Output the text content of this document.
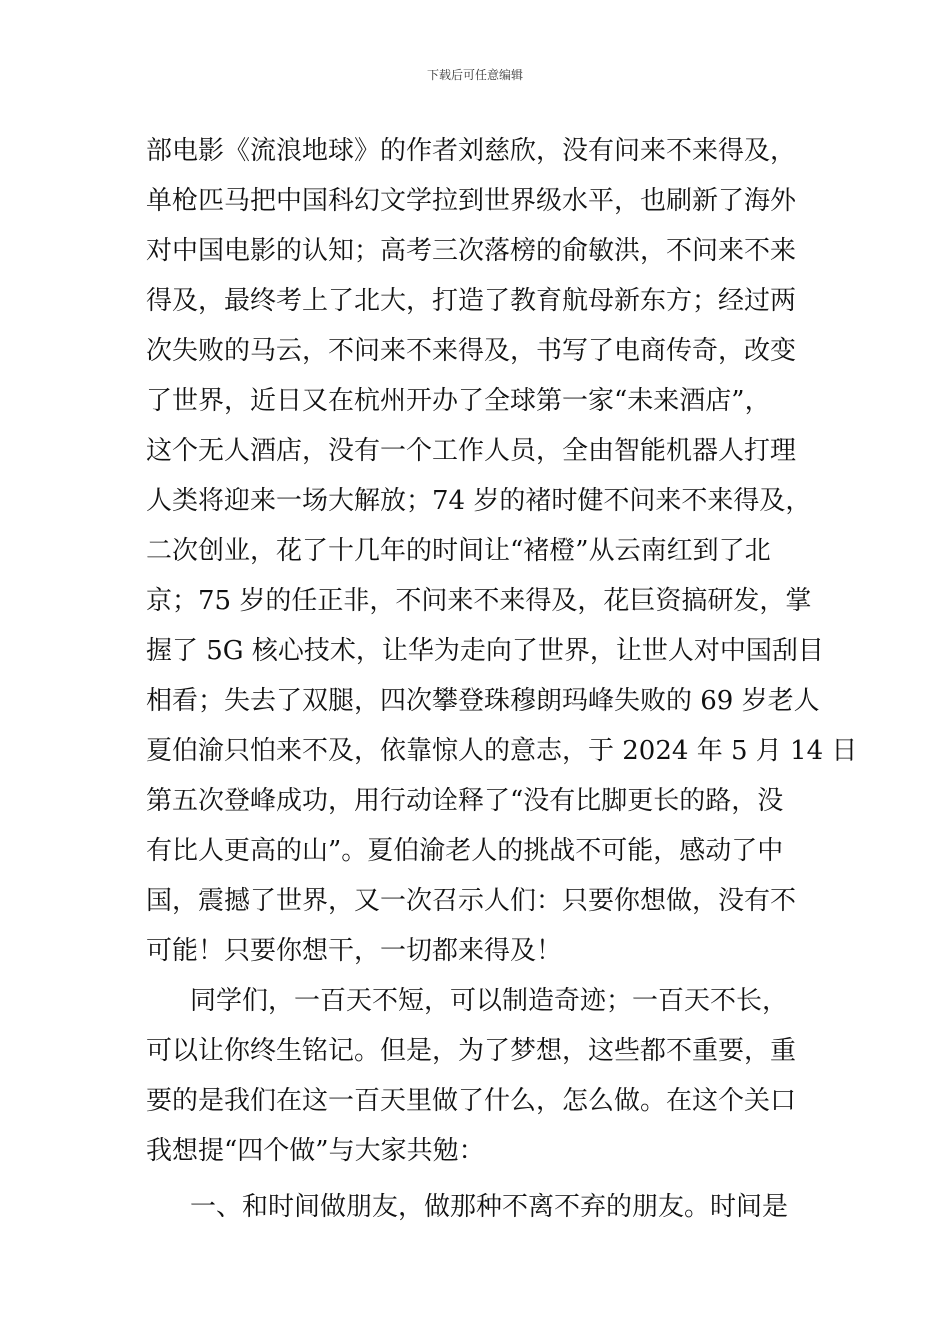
下载后可任意编辑
部电影《流浪地球》的作者刘慈欣，没有问来不来得及，
单枪匹马把中国科幻文学拉到世界级水平，也刷新了海外
对中国电影的认知；高考三次落榜的俞敏洪，不问来不来
得及，最终考上了北大，打造了教育航母新东方；经过两
次失败的马云，不问来不来得及，书写了电商传奇，改变
了世界，近日又在杭州开办了全球第一家“未来酒店”，
这个无人酒店，没有一个工作人员，全由智能机器人打理
人类将迎来一场大解放；74 岁的褚时健不问来不来得及，
二次创业，花了十几年的时间让“褚橙”从云南红到了北
京；75 岁的任正非，不问来不来得及，花巨资搞研发，掌
握了 5G 核心技术，让华为走向了世界，让世人对中国刮目
相看；失去了双腿，四次攀登珠穆朗玛峰失败的 69 岁老人
夏伯渝只怕来不及，依靠惊人的意志，于 2024 年 5 月 14 日
第五次登峰成功，用行动诠释了“没有比脚更长的路，没
有比人更高的山”。夏伯渝老人的挑战不可能，感动了中
国，震撼了世界，又一次召示人们：只要你想做，没有不
可能！只要你想干，一切都来得及！
同学们，一百天不短，可以制造奇迹；一百天不长，
可以让你终生铭记。但是，为了梦想，这些都不重要，重
要的是我们在这一百天里做了什么，怎么做。在这个关口
我想提“四个做”与大家共勉：
一、和时间做朋友，做那种不离不弃的朋友。时间是
